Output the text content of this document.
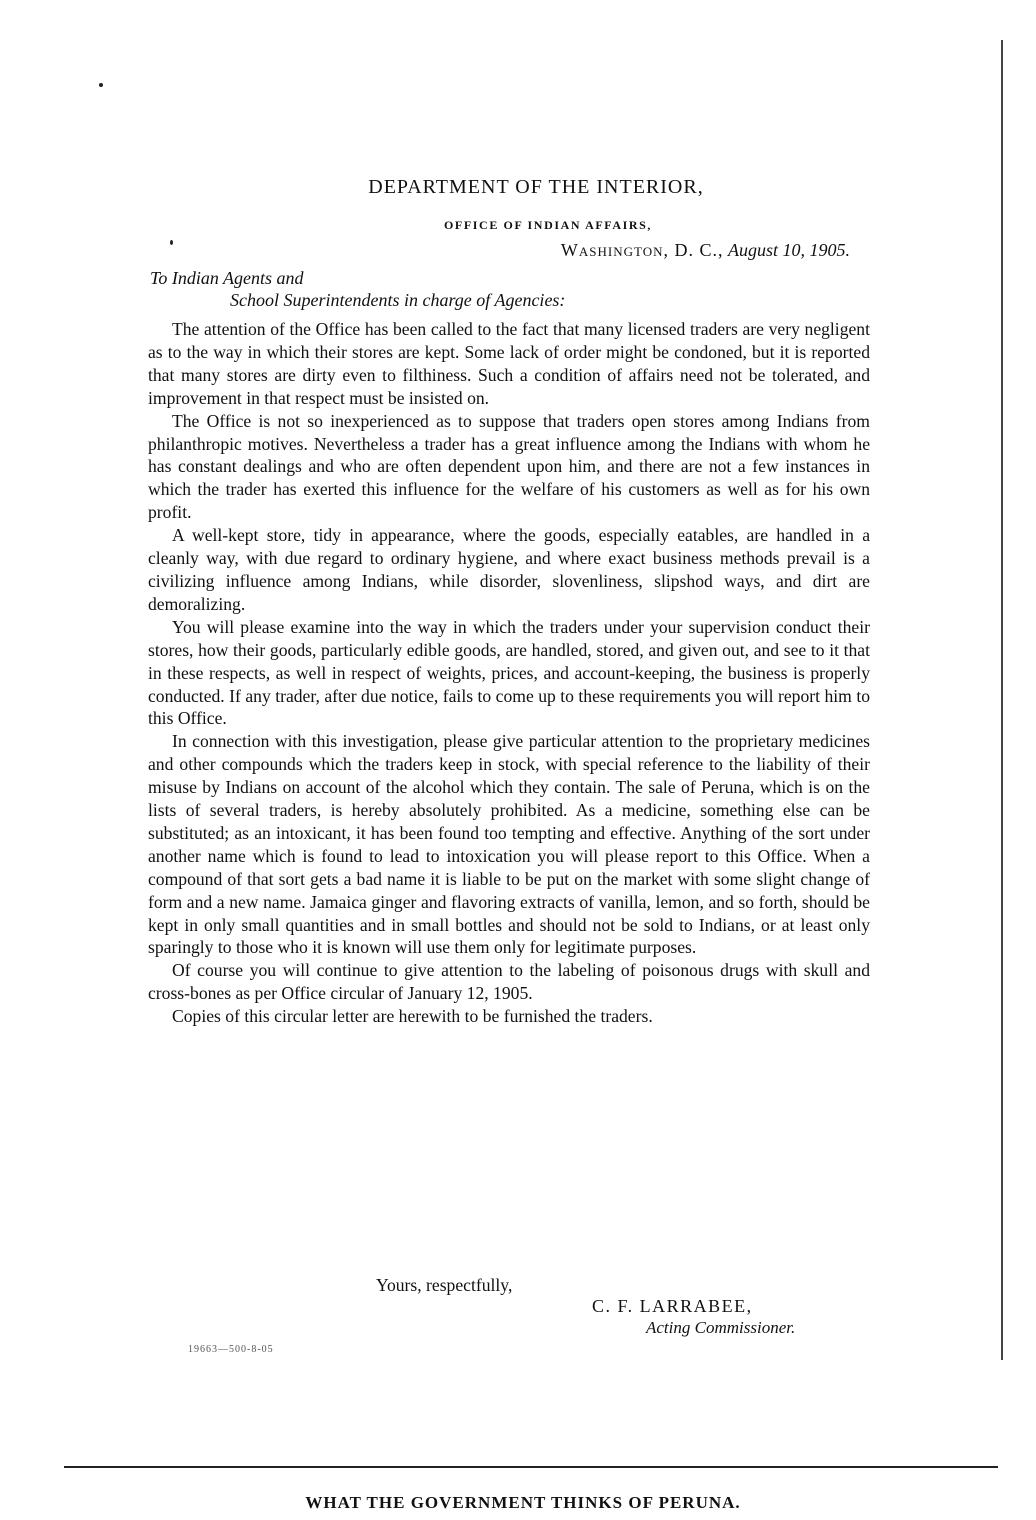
DEPARTMENT OF THE INTERIOR,
OFFICE OF INDIAN AFFAIRS,
Washington, D. C., August 10, 1905.
To Indian Agents and
School Superintendents in charge of Agencies:

The attention of the Office has been called to the fact that many licensed traders are very negligent as to the way in which their stores are kept. Some lack of order might be condoned, but it is reported that many stores are dirty even to filthiness. Such a condition of affairs need not be tolerated, and improvement in that respect must be insisted on.

The Office is not so inexperienced as to suppose that traders open stores among Indians from philanthropic motives. Nevertheless a trader has a great influence among the Indians with whom he has constant dealings and who are often dependent upon him, and there are not a few instances in which the trader has exerted this influence for the welfare of his customers as well as for his own profit.

A well-kept store, tidy in appearance, where the goods, especially eatables, are handled in a cleanly way, with due regard to ordinary hygiene, and where exact business methods prevail is a civilizing influence among Indians, while disorder, slovenliness, slipshod ways, and dirt are demoralizing.

You will please examine into the way in which the traders under your supervision conduct their stores, how their goods, particularly edible goods, are handled, stored, and given out, and see to it that in these respects, as well in respect of weights, prices, and account-keeping, the business is properly conducted. If any trader, after due notice, fails to come up to these requirements you will report him to this Office.

In connection with this investigation, please give particular attention to the proprietary medicines and other compounds which the traders keep in stock, with special reference to the liability of their misuse by Indians on account of the alcohol which they contain. The sale of Peruna, which is on the lists of several traders, is hereby absolutely prohibited. As a medicine, something else can be substituted; as an intoxicant, it has been found too tempting and effective. Anything of the sort under another name which is found to lead to intoxication you will please report to this Office. When a compound of that sort gets a bad name it is liable to be put on the market with some slight change of form and a new name. Jamaica ginger and flavoring extracts of vanilla, lemon, and so forth, should be kept in only small quantities and in small bottles and should not be sold to Indians, or at least only sparingly to those who it is known will use them only for legitimate purposes.

Of course you will continue to give attention to the labeling of poisonous drugs with skull and cross-bones as per Office circular of January 12, 1905.

Copies of this circular letter are herewith to be furnished the traders.

Yours, respectfully,
C. F. LARRABEE,
Acting Commissioner.
19663—500-8-05
WHAT THE GOVERNMENT THINKS OF PERUNA.
